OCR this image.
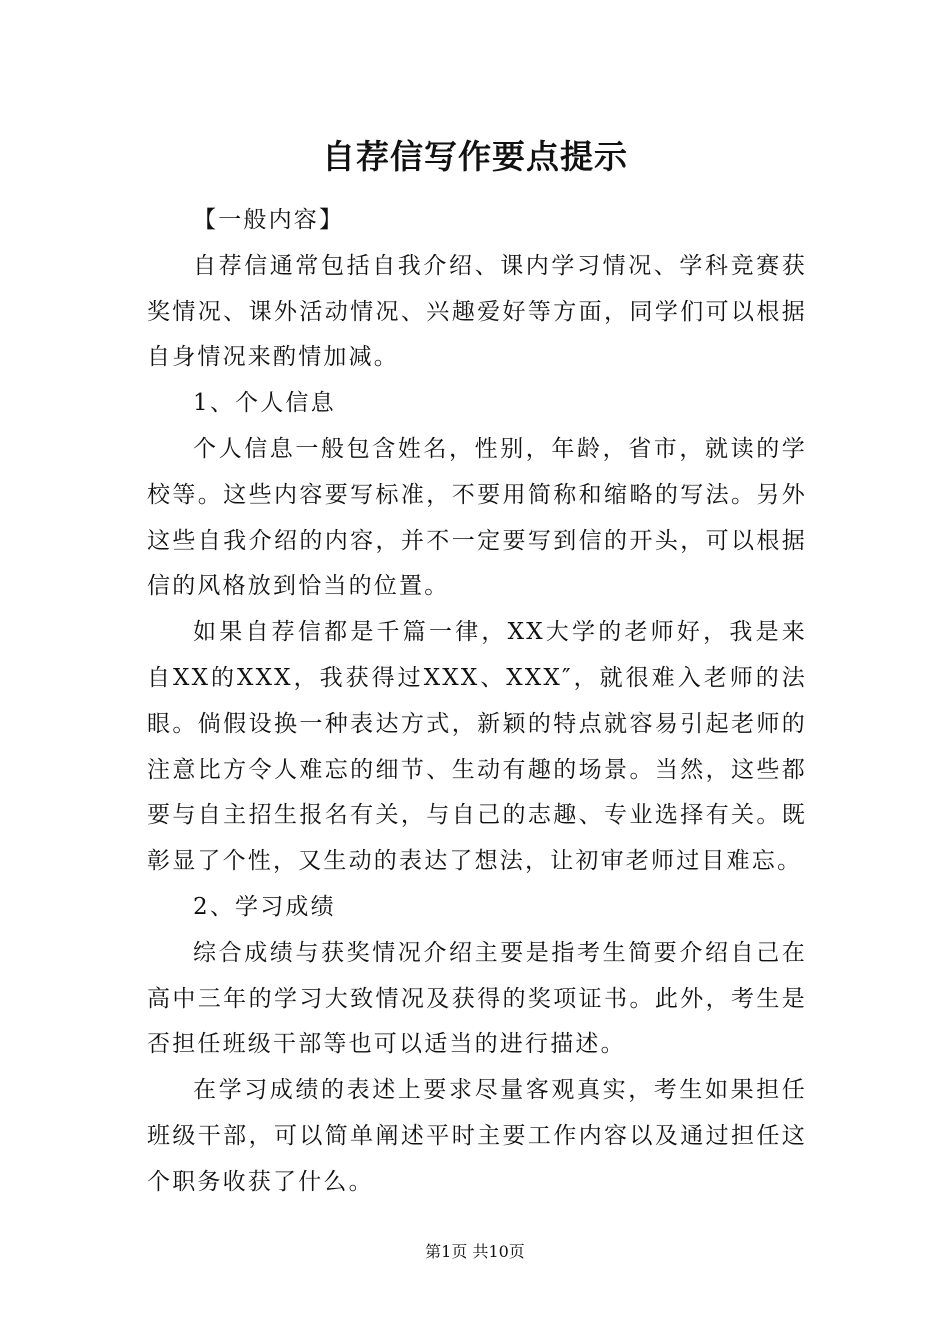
自荐信写作要点提示

【一般内容】

自荐信通常包括自我介绍、课内学习情况、学科竞赛获奖情况、课外活动情况、兴趣爱好等方面，同学们可以根据自身情况来酌情加减。

1、个人信息

个人信息一般包含姓名，性别，年龄，省市，就读的学校等。这些内容要写标准，不要用简称和缩略的写法。另外这些自我介绍的内容，并不一定要写到信的开头，可以根据信的风格放到恰当的位置。

如果自荐信都是千篇一律，XX大学的老师好，我是来自XX的XXX，我获得过XXX、XXX″，就很难入老师的法眼。倘假设换一种表达方式，新颖的特点就容易引起老师的注意比方令人难忘的细节、生动有趣的场景。当然，这些都要与自主招生报名有关，与自己的志趣、专业选择有关。既彰显了个性，又生动的表达了想法，让初审老师过目难忘。

2、学习成绩

综合成绩与获奖情况介绍主要是指考生简要介绍自己在高中三年的学习大致情况及获得的奖项证书。此外，考生是否担任班级干部等也可以适当的进行描述。

在学习成绩的表述上要求尽量客观真实，考生如果担任班级干部，可以简单阐述平时主要工作内容以及通过担任这个职务收获了什么。

第1页 共10页
